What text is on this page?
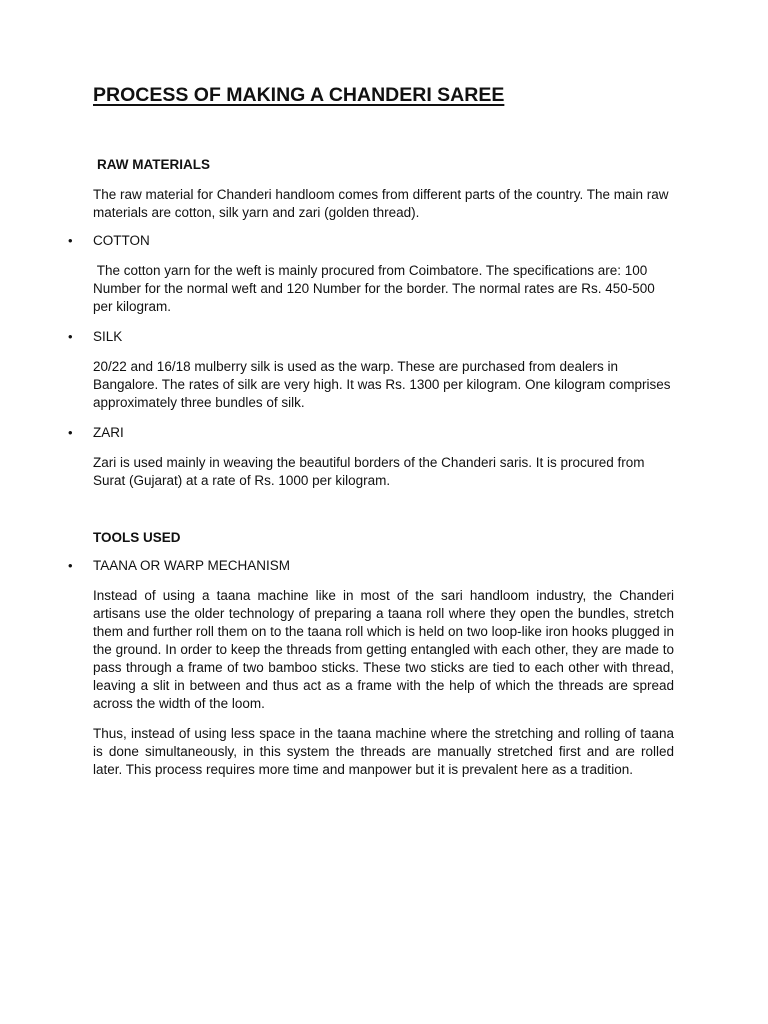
PROCESS OF MAKING A CHANDERI SAREE
RAW MATERIALS

The raw material for Chanderi handloom comes from different parts of the country. The main raw materials are cotton, silk yarn and zari (golden thread).

• COTTON

The cotton yarn for the weft is mainly procured from Coimbatore. The specifications are: 100 Number for the normal weft and 120 Number for the border. The normal rates are Rs. 450-500 per kilogram.

• SILK

20/22 and 16/18 mulberry silk is used as the warp. These are purchased from dealers in Bangalore. The rates of silk are very high. It was Rs. 1300 per kilogram. One kilogram comprises approximately three bundles of silk.

• ZARI

Zari is used mainly in weaving the beautiful borders of the Chanderi saris. It is procured from Surat (Gujarat) at a rate of Rs. 1000 per kilogram.

TOOLS USED
• TAANA OR WARP MECHANISM

Instead of using a taana machine like in most of the sari handloom industry, the Chanderi artisans use the older technology of preparing a taana roll where they open the bundles, stretch them and further roll them on to the taana roll which is held on two loop-like iron hooks plugged in the ground. In order to keep the threads from getting entangled with each other, they are made to pass through a frame of two bamboo sticks. These two sticks are tied to each other with thread, leaving a slit in between and thus act as a frame with the help of which the threads are spread across the width of the loom.

Thus, instead of using less space in the taana machine where the stretching and rolling of taana is done simultaneously, in this system the threads are manually stretched first and are rolled later. This process requires more time and manpower but it is prevalent here as a tradition.
